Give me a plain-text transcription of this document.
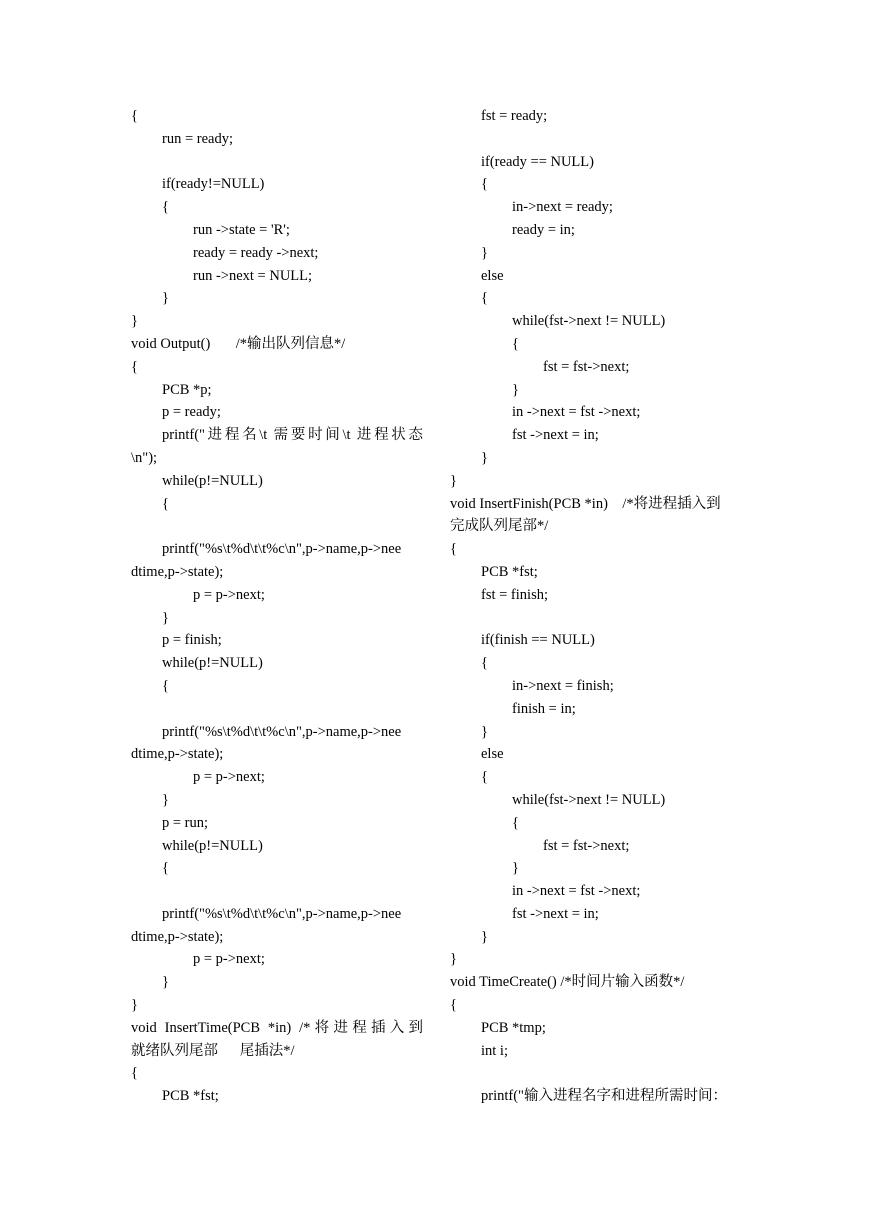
{
run = ready;
if(ready!=NULL)
{
run ->state = 'R';
ready = ready ->next;
run ->next = NULL;
}
}
void Output()       /*输出队列信息*/
{
PCB *p;
p = ready;
printf("进程名\t 需要时间\t 进程状态
\n");
while(p!=NULL)
{
printf("%s\t%d\t\t%c\n",p->name,p->nee
dtime,p->state);
p = p->next;
}
p = finish;
while(p!=NULL)
{
printf("%s\t%d\t\t%c\n",p->name,p->nee
dtime,p->state);
p = p->next;
}
p = run;
while(p!=NULL)
{
printf("%s\t%d\t\t%c\n",p->name,p->nee
dtime,p->state);
p = p->next;
}
}
void InsertTime(PCB *in) /*将进程插入到
就绪队列尾部      尾插法*/
{
PCB *fst;
fst = ready;
if(ready == NULL)
{
in->next = ready;
ready = in;
}
else
{
while(fst->next != NULL)
{
fst = fst->next;
}
in ->next = fst ->next;
fst ->next = in;
}
}
void InsertFinish(PCB *in)    /*将进程插入到
完成队列尾部*/
{
PCB *fst;
fst = finish;
if(finish == NULL)
{
in->next = finish;
finish = in;
}
else
{
while(fst->next != NULL)
{
fst = fst->next;
}
in ->next = fst ->next;
fst ->next = in;
}
}
void TimeCreate() /*时间片输入函数*/
{
PCB *tmp;
int i;
printf("输入进程名字和进程所需时间：
